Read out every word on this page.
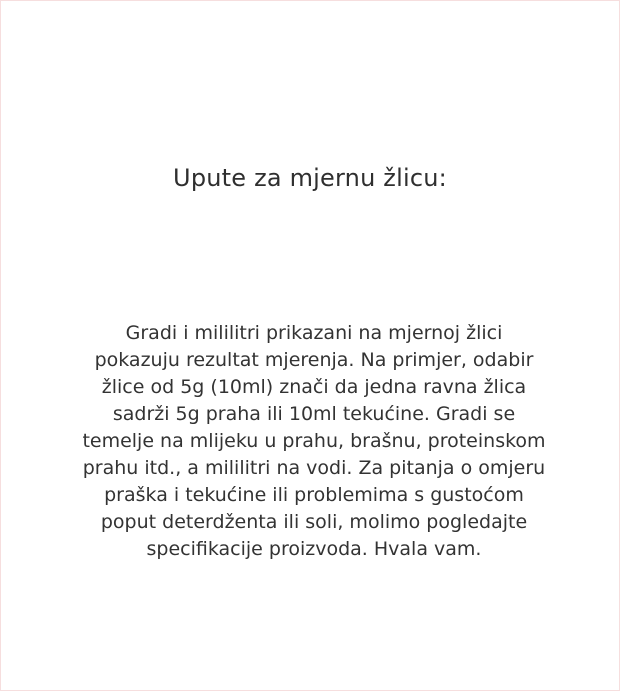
Upute za mjernu žlicu:
Gradi i mililitri prikazani na mjernoj žlici
pokazuju rezultat mjerenja. Na primjer, odabir
žlice od 5g (10ml) znači da jedna ravna žlica
sadrži 5g praha ili 10ml tekućine. Gradi se
temelje na mlijeku u prahu, brašnu, proteinskom
prahu itd., a mililitri na vodi. Za pitanja o omjeru
praška i tekućine ili problemima s gustoćom
poput deterdženta ili soli, molimo pogledajte
specifikacije proizvoda. Hvala vam.
